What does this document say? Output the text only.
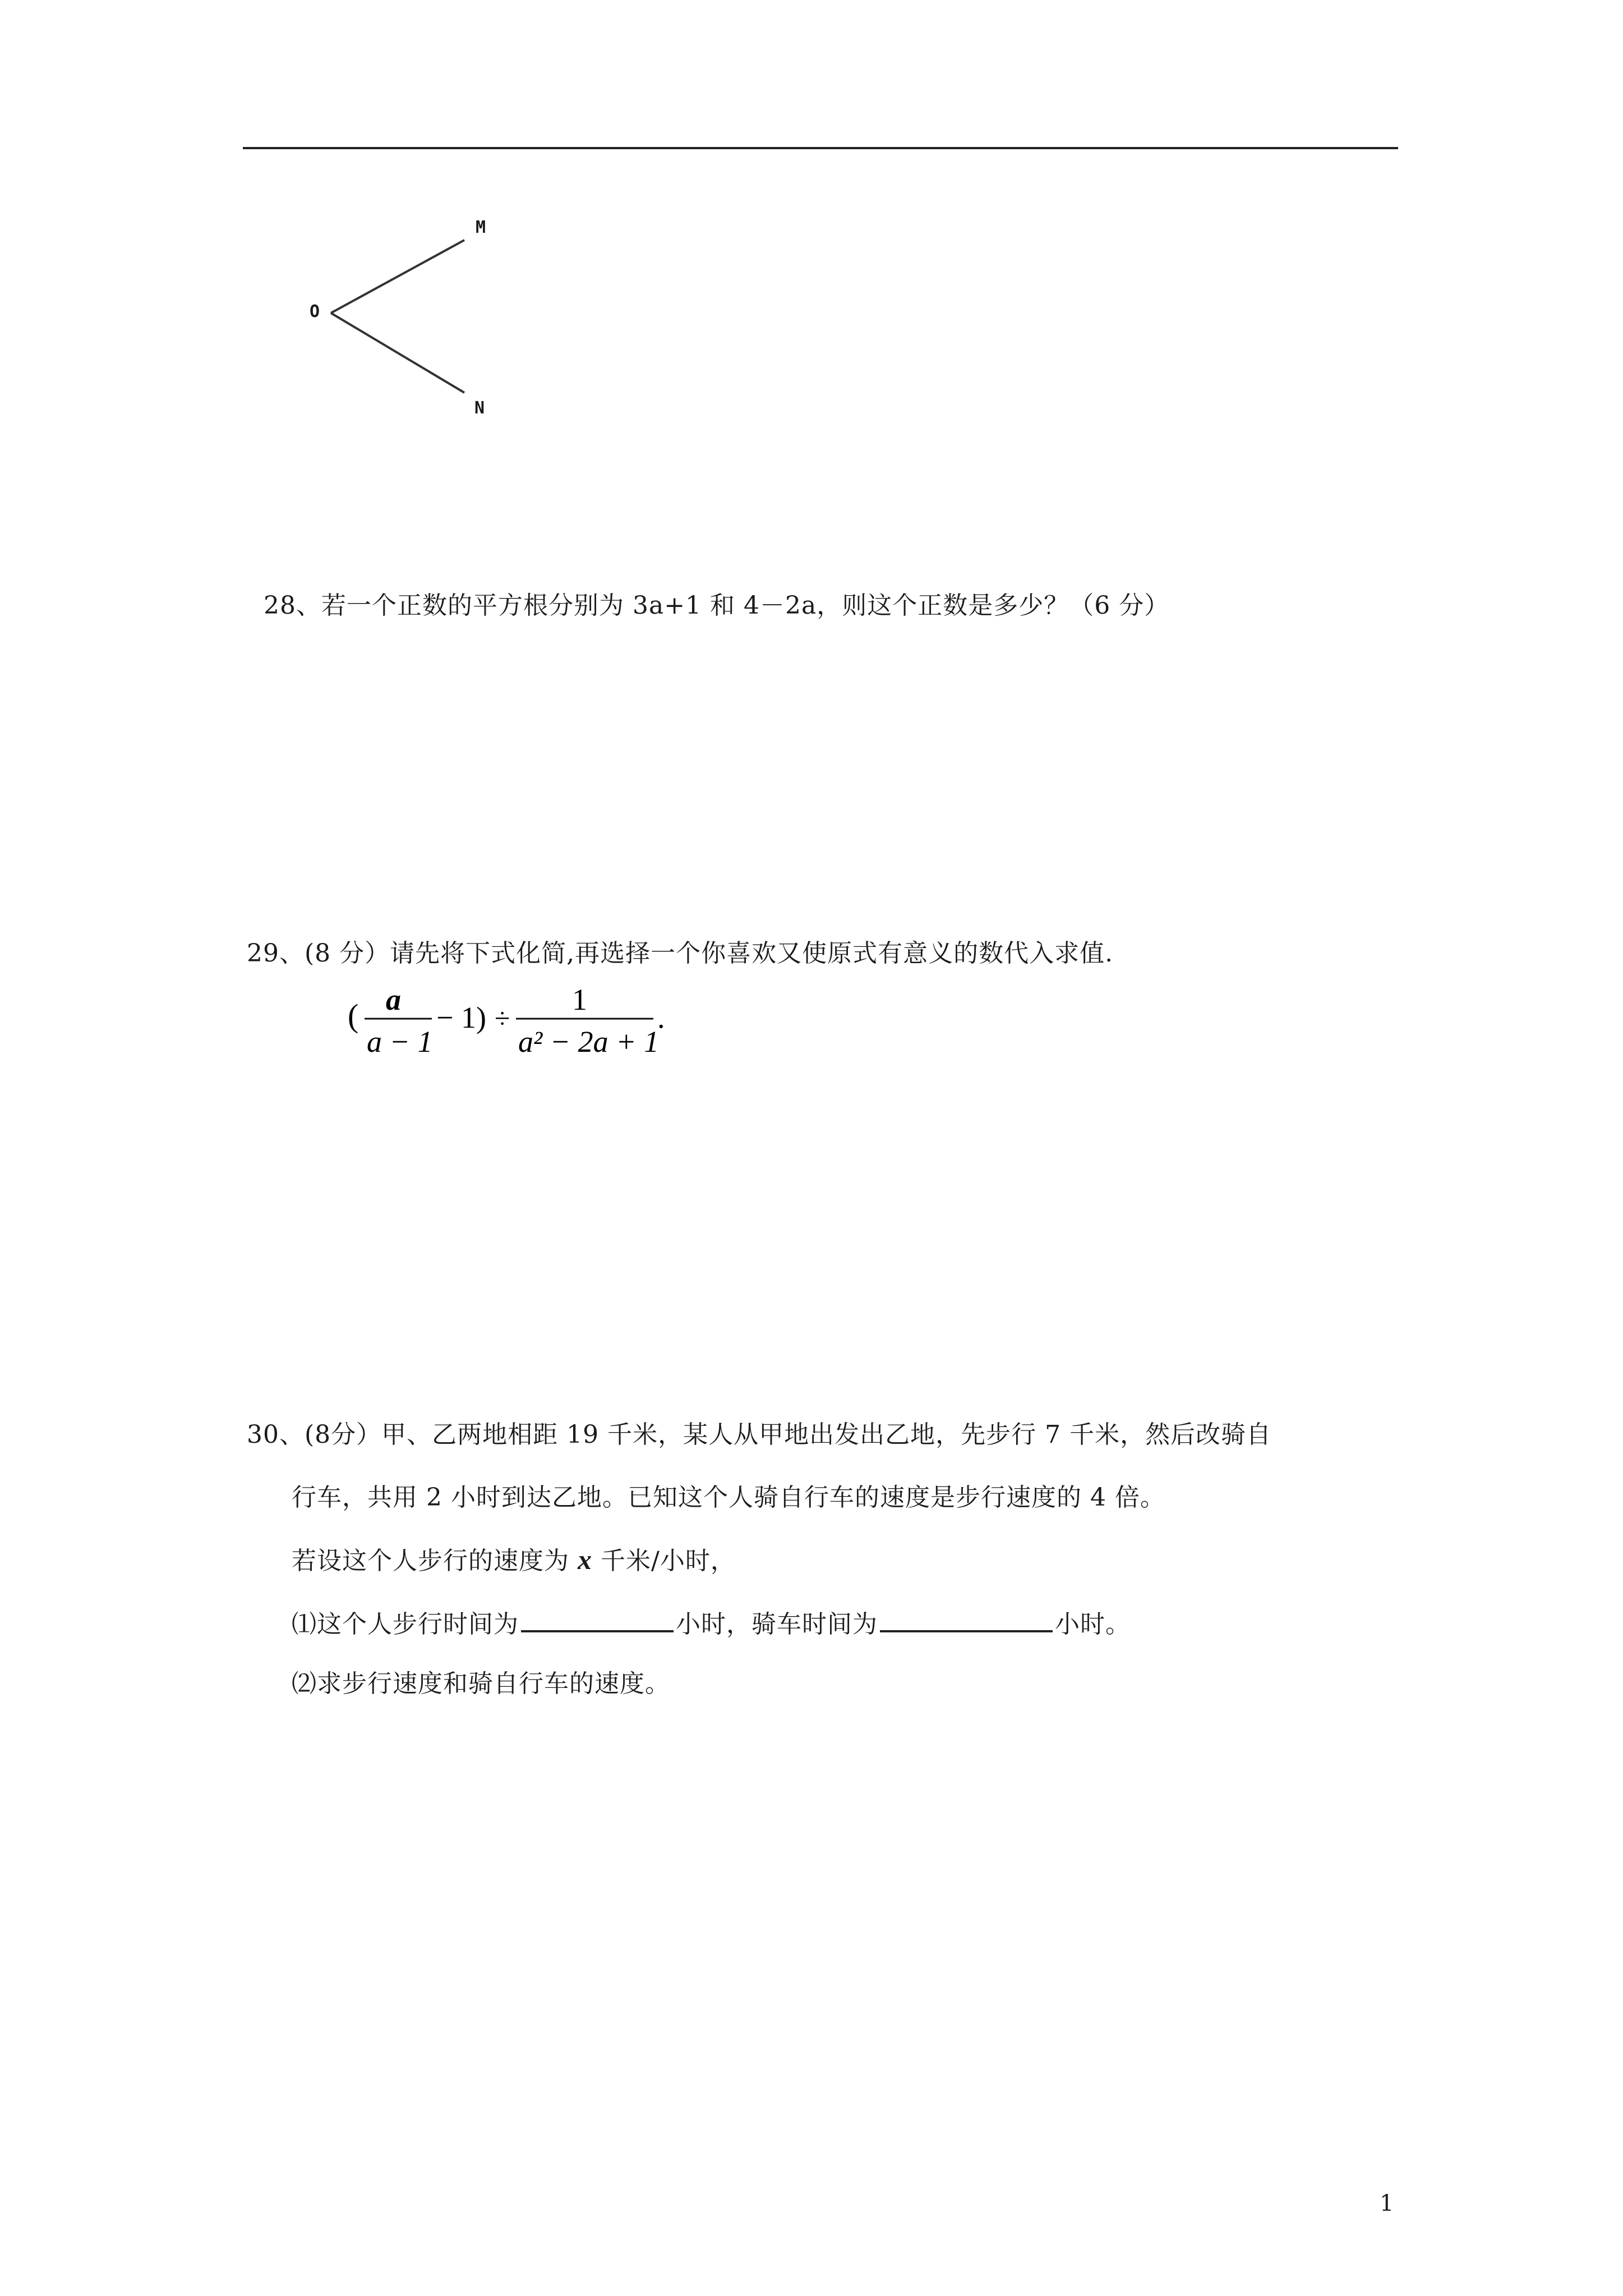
O
M
N
28、若一个正数的平方根分别为 3a+1 和 4－2a，则这个正数是多少？（6 分）
29、(8 分）请先将下式化简,再选择一个你喜欢又使原式有意义的数代入求值.
( a
a − 1
− 1) ÷
1
a² − 2a + 1
.
30、(8分）甲、乙两地相距 19 千米，某人从甲地出发出乙地，先步行 7 千米，然后改骑自
行车，共用 2 小时到达乙地。已知这个人骑自行车的速度是步行速度的 4 倍。
若设这个人步行的速度为 x 千米/小时，
⑴这个人步行时间为	小时，骑车时间为	小时。
⑵求步行速度和骑自行车的速度。
1
